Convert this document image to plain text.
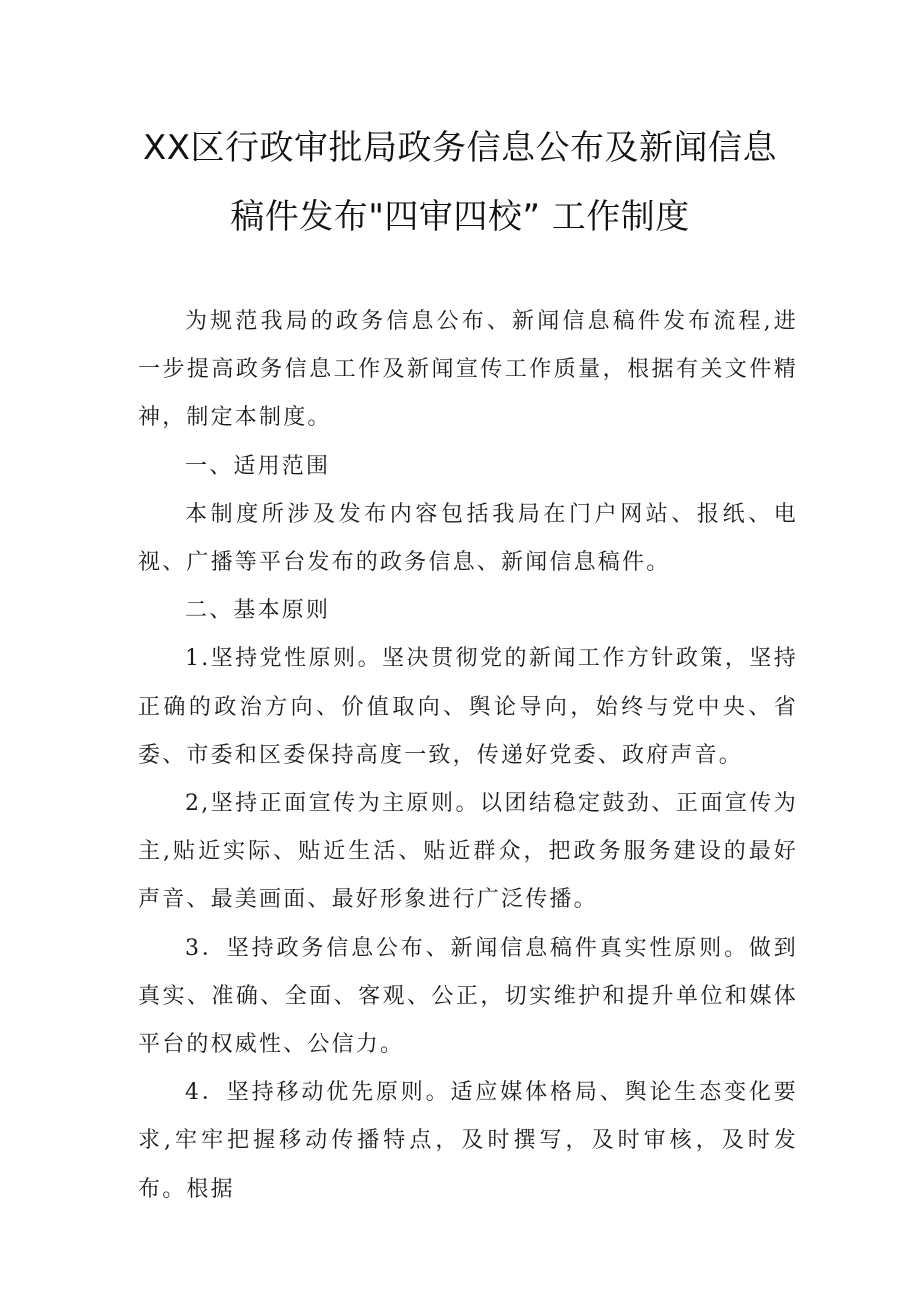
XX区行政审批局政务信息公布及新闻信息
稿件发布"四审四校” 工作制度

为规范我局的政务信息公布、新闻信息稿件发布流程,进一步提高政务信息工作及新闻宣传工作质量，根据有关文件精神，制定本制度。

一、适用范围

本制度所涉及发布内容包括我局在门户网站、报纸、电视、广播等平台发布的政务信息、新闻信息稿件。

二、基本原则

1.坚持党性原则。坚决贯彻党的新闻工作方针政策，坚持正确的政治方向、价值取向、舆论导向，始终与党中央、省委、市委和区委保持高度一致，传递好党委、政府声音。

2,坚持正面宣传为主原则。以团结稳定鼓劲、正面宣传为主,贴近实际、贴近生活、贴近群众，把政务服务建设的最好声音、最美画面、最好形象进行广泛传播。

3．坚持政务信息公布、新闻信息稿件真实性原则。做到真实、准确、全面、客观、公正，切实维护和提升单位和媒体平台的权威性、公信力。

4．坚持移动优先原则。适应媒体格局、舆论生态变化要求,牢牢把握移动传播特点，及时撰写，及时审核，及时发布。根据
